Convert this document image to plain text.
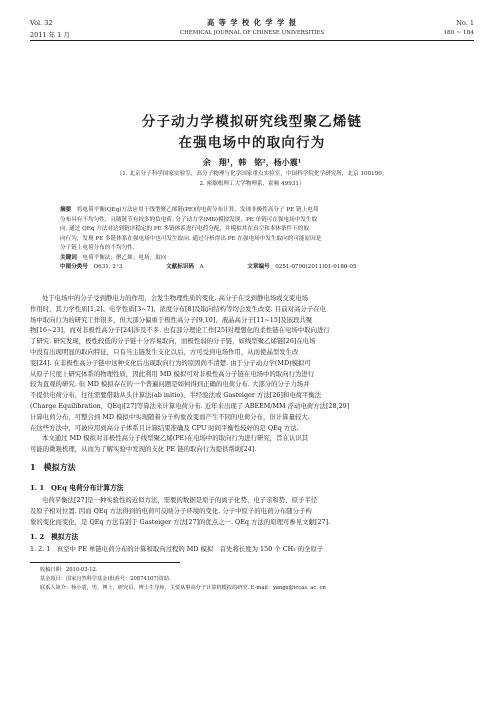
Vol. 32
2011 年 1 月
高 等 学 校 化 学 学 报
CHEMICAL JOURNAL OF CHINESE UNIVERSITIES
No. 1
180 ~ 184
分子动力学模拟研究线型聚乙烯链
在强电场中的取向行为
余　翔¹，韩　铭²，杨小震¹
（1. 北京分子科学国家实验室，高分子物理与化学国家重点实验室，中国科学院化学研究所，北京 100190；
2. 密歇根理工大学物理系，霍顿 49931）
摘要　 将电荷平衡(QEq)方法应用于线型聚乙烯链(PE)的电荷分布计算，发现非极性高分子 PE 链上电荷
分布具有不均匀性，且随链节有较多的负电荷. 分子动力学(MD)模拟发现，PE 单链可在强电场中发生取
向. 通过 QEq 方法对达到链序稳定的 PE 多链体系进行电荷分配，并模拟其在真空和本体条件下的取
向行为，发现 PE 多链体系在强电场中也可发生取向. 通过分析得出 PE 在强电场中发生取向的可能原因是
分子链上电荷分布的不均匀性.
关键词　 电荷平衡法；聚乙烯；电场；取向
中图分类号　 O631. 2⁺3	文献标识码　 A	文章编号　 0251-0790(2011)01-0180-05
处于电场中的分子受到静电力的作用，会发生物理性质的变化. 高分子在受到静电场或交变电场
作用时，其力学性质[1,2]、电学性质[3~7]、浓度分布[8]及取向结构等均会发生改变. 目前对高分子在电
场中取向行为的研究工作很多，但大部分偏重于极性高分子[9,10]、液晶高分子[11~15]及嵌段共聚
物[16~23]，而对非极性高分子[24]涉及不多. 也有部分理论工作[25]对理想化的柔性链在电场中取向进行
了研究. 研究发现，极性较低的分子链十分容易取向，而极性弱的分子链，如线型聚乙烯链[26]在电场
中没有出现明显的取向特征，只有当主链发生支化以后，方可受到电场作用，从而使晶型发生改
变[24]. 在非极性高分子链中这种支化后出现取向行为的原因尚不清楚. 由于分子动力学(MD)模拟可
从原子尺度上研究体系的物理性质，因此利用 MD 模拟可对非极性高分子链在电场中的取向行为进行
较为直观的研究. 但 MD 模拟存在的一个普遍问题是如何得到正确的电荷分布. 大部分的分子力场并
不提供电荷分布，往往需要借助从头计算法(ab initio)、半经验法或 Gasteiger 方法[26]和电荷平衡法
(Charge Equilibration，QEq)[27]等算法来计算电荷分布. 近年来出现了 ABEEM/MM 浮动电荷方法[28,29]
计算电荷分布，可整合到 MD 模拟中实现随着分子构象改变而产生不同的电荷分布，但计算量较大.
在这些方法中，可被应用到高分子体系且计算结果准确及 CPU 时间平衡性较好的是 QEq 方法.
本文通过 MD 模拟对非极性高分子线型聚乙烯(PE)在电场中的取向行为进行研究，旨在认识其
可能的微观机理，从而为了解实验中发现的支化 PE 链的取向行为提供帮助[24].
1　模拟方法
1. 1　QEq 电荷分布计算方法
电荷平衡法[27]是一种实验性的近似方法，需要的数据是原子的离子化势、电子亲和势、原子半径
及原子相对位置. 因而 QEq 方法得到的电荷可反映分子环境的变化. 分子中原子的电荷分布随分子构
象的变化而变化，是 QEq 方法有别于 Gasteiger 方法[27]的优点之一. QEq 方法的原理可参见文献[27].
1. 2　模拟方法
1. 2. 1　真空中 PE 单链电荷分布的计算和取向过程的 MD 模拟　首先将长度为 150 个 CH₂ 的全原子
收稿日期：2010-03-12.
基金项目：国家自然科学基金(批准号：20874107)资助.
联系人简介：杨小震，男，博士，研究员，博士生导师，主要从事高分子计算机模拟的研究. E-mail：yangx@iccas. ac. cn
